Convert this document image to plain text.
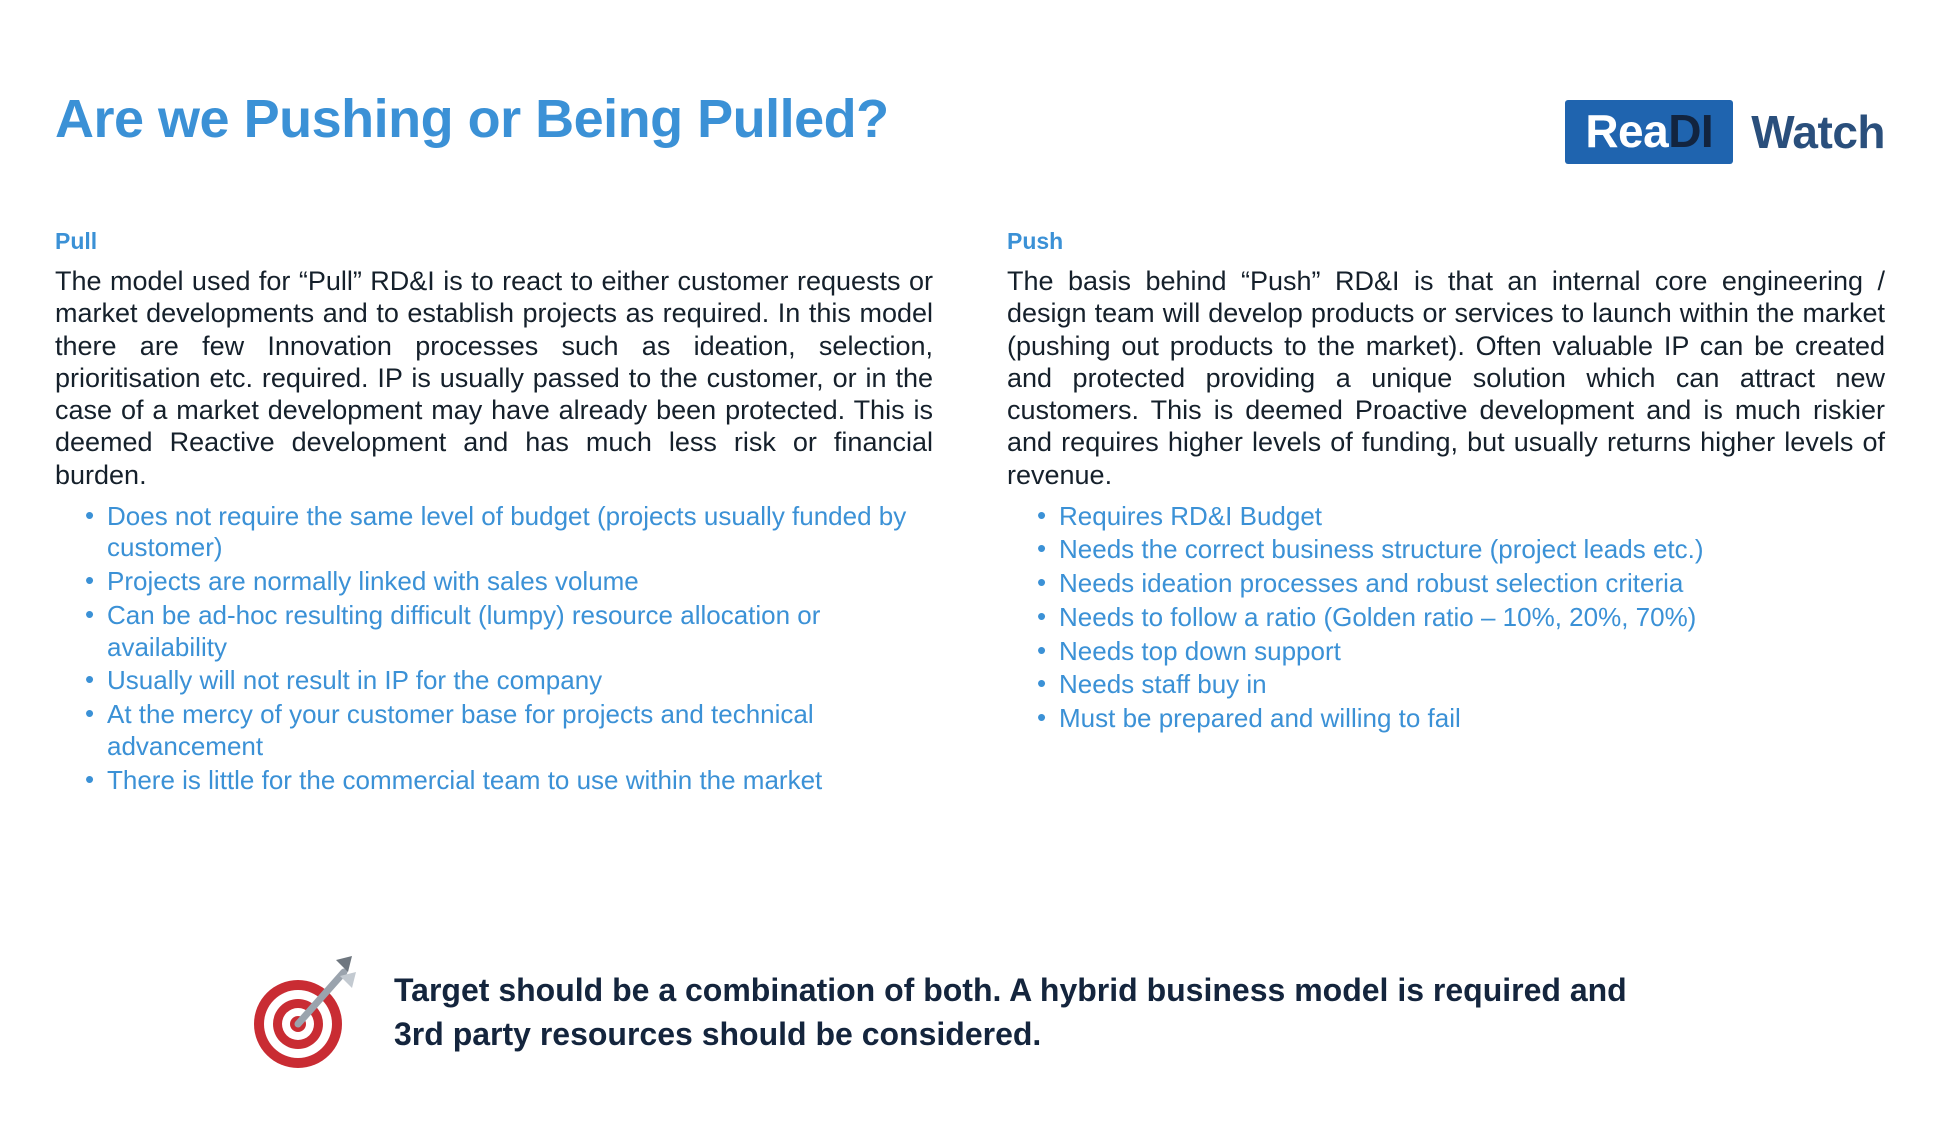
Are we Pushing or Being Pulled?	ReaDI Watch
Pull
The model used for “Pull” RD&I is to react to either customer requests or market developments and to establish projects as required. In this model there are few Innovation processes such as ideation, selection, prioritisation etc. required. IP is usually passed to the customer, or in the case of a market development may have already been protected. This is deemed Reactive development and has much less risk or financial burden.
• Does not require the same level of budget (projects usually funded by customer)
• Projects are normally linked with sales volume
• Can be ad-hoc resulting difficult (lumpy) resource allocation or availability
• Usually will not result in IP for the company
• At the mercy of your customer base for projects and technical advancement
• There is little for the commercial team to use within the market
Push
The basis behind “Push” RD&I is that an internal core engineering / design team will develop products or services to launch within the market (pushing out products to the market). Often valuable IP can be created and protected providing a unique solution which can attract new customers. This is deemed Proactive development and is much riskier and requires higher levels of funding, but usually returns higher levels of revenue.
• Requires RD&I Budget
• Needs the correct business structure (project leads etc.)
• Needs ideation processes and robust selection criteria
• Needs to follow a ratio (Golden ratio – 10%, 20%, 70%)
• Needs top down support
• Needs staff buy in
• Must be prepared and willing to fail
Target should be a combination of both. A hybrid business model is required and 3rd party resources should be considered.
